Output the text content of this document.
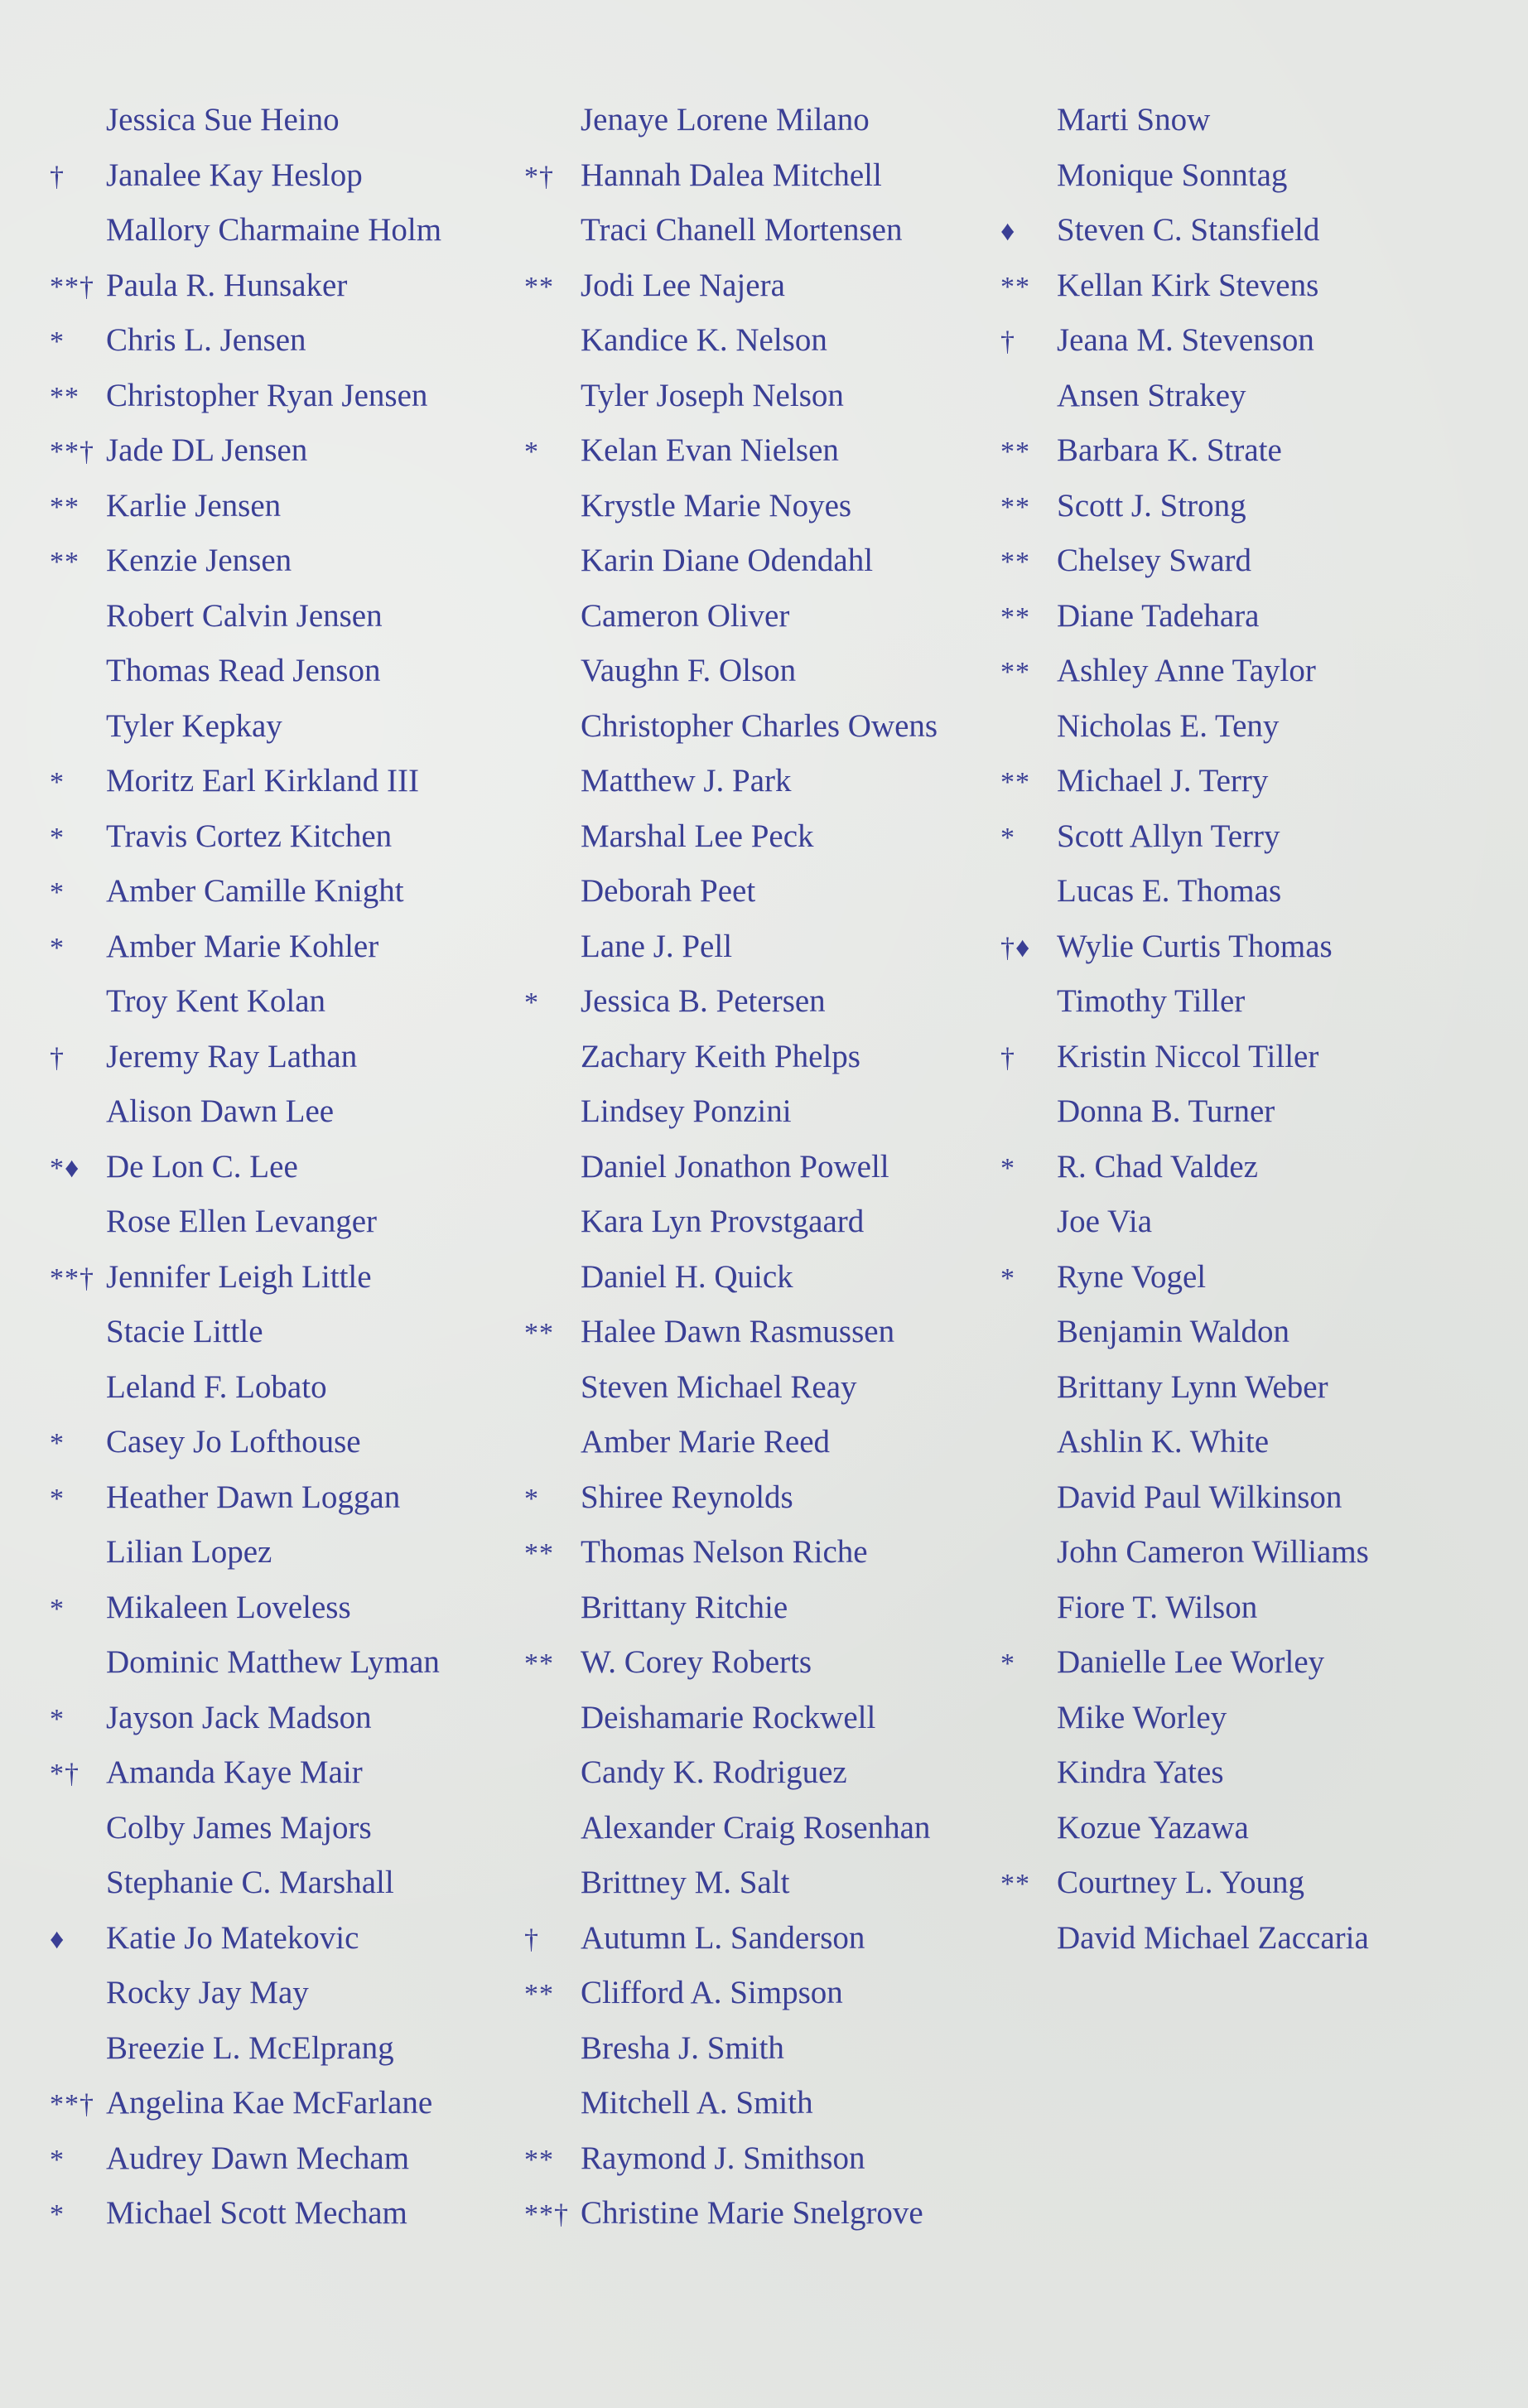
Jessica Sue Heino
†	Janalee Kay Heslop
Mallory Charmaine Holm
**† Paula R. Hunsaker
*	Chris L. Jensen
** Christopher Ryan Jensen
**† Jade DL Jensen
** Karlie Jensen
** Kenzie Jensen
Robert Calvin Jensen
Thomas Read Jenson
Tyler Kepkay
*	Moritz Earl Kirkland III
*	Travis Cortez Kitchen
*	Amber Camille Knight
*	Amber Marie Kohler
Troy Kent Kolan
†	Jeremy Ray Lathan
Alison Dawn Lee
*♦ De Lon C. Lee
Rose Ellen Levanger
**† Jennifer Leigh Little
Stacie Little
Leland F. Lobato
*	Casey Jo Lofthouse
*	Heather Dawn Loggan
Lilian Lopez
*	Mikaleen Loveless
Dominic Matthew Lyman
*	Jayson Jack Madson
*† Amanda Kaye Mair
Colby James Majors
Stephanie C. Marshall
♦	Katie Jo Matekovic
Rocky Jay May
Breezie L. McElprang
**† Angelina Kae McFarlane
*	Audrey Dawn Mecham
*	Michael Scott Mecham
Jenaye Lorene Milano
*† Hannah Dalea Mitchell
Traci Chanell Mortensen
** Jodi Lee Najera
Kandice K. Nelson
Tyler Joseph Nelson
*	Kelan Evan Nielsen
Krystle Marie Noyes
Karin Diane Odendahl
Cameron Oliver
Vaughn F. Olson
Christopher Charles Owens
Matthew J. Park
Marshal Lee Peck
Deborah Peet
Lane J. Pell
*	Jessica B. Petersen
Zachary Keith Phelps
Lindsey Ponzini
Daniel Jonathon Powell
Kara Lyn Provstgaard
Daniel H. Quick
** Halee Dawn Rasmussen
Steven Michael Reay
Amber Marie Reed
*	Shiree Reynolds
** Thomas Nelson Riche
Brittany Ritchie
** W. Corey Roberts
Deishamarie Rockwell
Candy K. Rodriguez
Alexander Craig Rosenhan
Brittney M. Salt
†	Autumn L. Sanderson
** Clifford A. Simpson
Bresha J. Smith
Mitchell A. Smith
** Raymond J. Smithson
**† Christine Marie Snelgrove
Marti Snow
Monique Sonntag
♦	Steven C. Stansfield
** Kellan Kirk Stevens
†	Jeana M. Stevenson
Ansen Strakey
** Barbara K. Strate
** Scott J. Strong
** Chelsey Sward
** Diane Tadehara
** Ashley Anne Taylor
Nicholas E. Teny
** Michael J. Terry
*	Scott Allyn Terry
Lucas E. Thomas
†♦ Wylie Curtis Thomas
Timothy Tiller
†	Kristin Niccol Tiller
Donna B. Turner
*	R. Chad Valdez
Joe Via
*	Ryne Vogel
Benjamin Waldon
Brittany Lynn Weber
Ashlin K. White
David Paul Wilkinson
John Cameron Williams
Fiore T. Wilson
*	Danielle Lee Worley
Mike Worley
Kindra Yates
Kozue Yazawa
** Courtney L. Young
David Michael Zaccaria
